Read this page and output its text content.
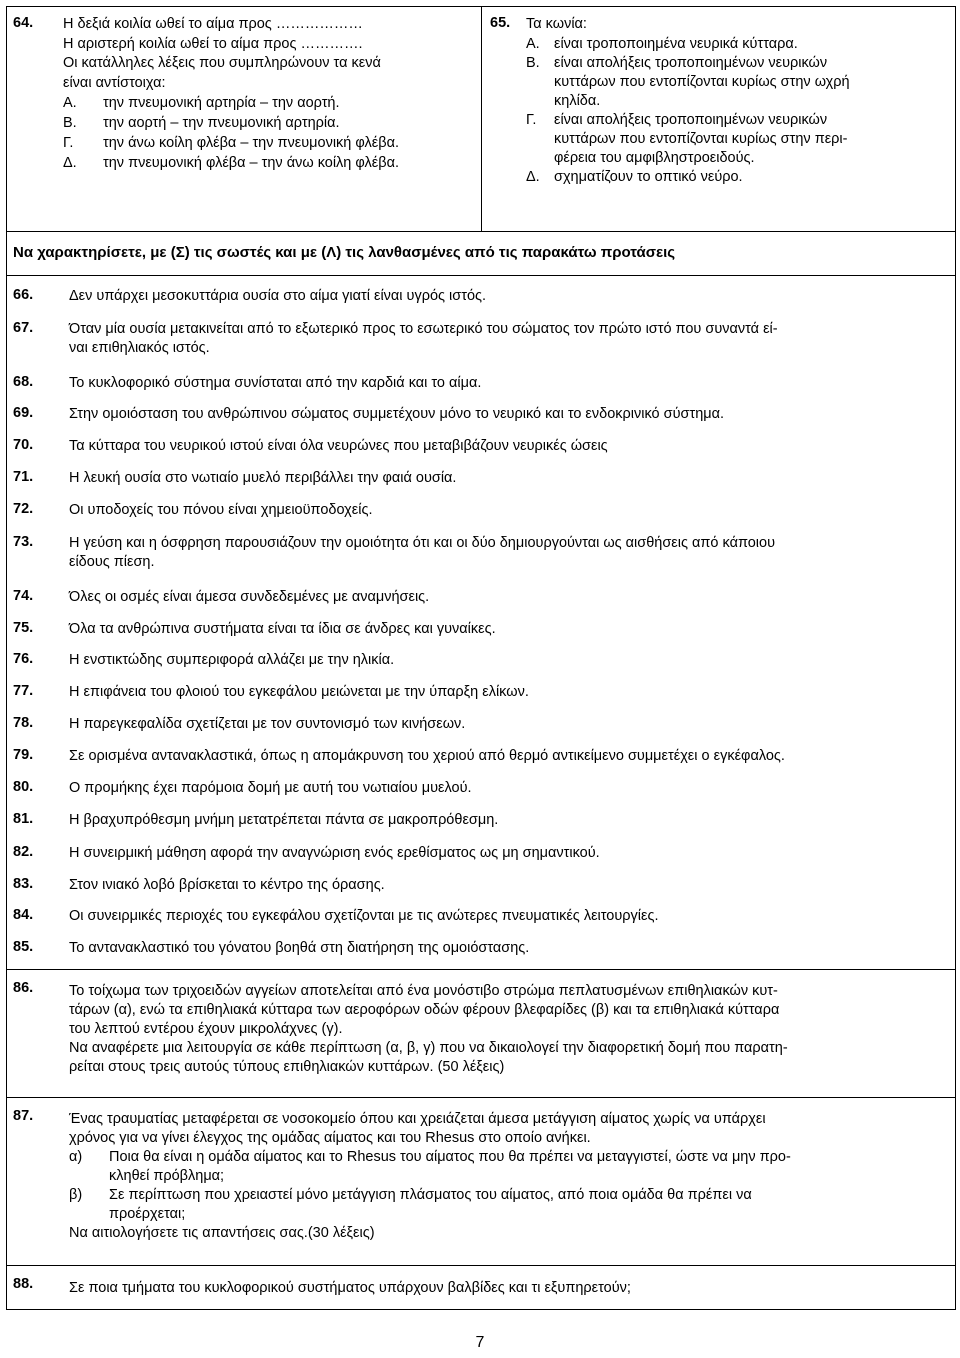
64. Η δεξιά κοιλία ωθεί το αίμα προς ………………
Η αριστερή κοιλία ωθεί το αίμα προς ………….
Οι κατάλληλες λέξεις που συμπληρώνουν τα κενά
είναι αντίστοιχα:
Α. την πνευμονική αρτηρία – την αορτή.
Β. την αορτή – την πνευμονική αρτηρία.
Γ. την άνω κοίλη φλέβα – την πνευμονική φλέβα.
Δ. την πνευμονική φλέβα – την άνω κοίλη φλέβα.
65. Τα κωνία:
Α. είναι τροποποιημένα νευρικά κύτταρα.
Β. είναι απολήξεις τροποποιημένων νευρικών
κυττάρων που εντοπίζονται κυρίως στην ωχρή
κηλίδα.
Γ. είναι απολήξεις τροποποιημένων νευρικών
κυττάρων που εντοπίζονται κυρίως στην περι-
φέρεια του αμφιβληστροειδούς.
Δ. σχηματίζουν το οπτικό νεύρο.
Να χαρακτηρίσετε, με (Σ) τις σωστές και με (Λ) τις λανθασμένες από τις παρακάτω προτάσεις
66. Δεν υπάρχει μεσοκυττάρια ουσία στο αίμα γιατί είναι υγρός ιστός.
67. Όταν μία ουσία μετακινείται από το εξωτερικό προς το εσωτερικό του σώματος τον πρώτο ιστό που συναντά εί-
ναι επιθηλιακός ιστός.
68. Το κυκλοφορικό σύστημα συνίσταται από την καρδιά και το αίμα.
69. Στην ομοιόσταση του ανθρώπινου σώματος συμμετέχουν μόνο το νευρικό και το ενδοκρινικό σύστημα.
70. Τα κύτταρα του νευρικού ιστού είναι όλα νευρώνες που μεταβιβάζουν νευρικές ώσεις
71. Η λευκή ουσία στο νωτιαίο μυελό περιβάλλει την φαιά ουσία.
72. Οι υποδοχείς του πόνου είναι χημειοϋποδοχείς.
73. Η γεύση και η όσφρηση παρουσιάζουν την ομοιότητα ότι και οι δύο δημιουργούνται ως αισθήσεις από κάποιου
είδους πίεση.
74. Όλες οι οσμές είναι άμεσα συνδεδεμένες με αναμνήσεις.
75. Όλα τα ανθρώπινα συστήματα είναι τα ίδια σε άνδρες και γυναίκες.
76. Η ενστικτώδης συμπεριφορά αλλάζει με την ηλικία.
77. Η επιφάνεια του φλοιού του εγκεφάλου μειώνεται με την ύπαρξη ελίκων.
78. Η παρεγκεφαλίδα σχετίζεται με τον συντονισμό των κινήσεων.
79. Σε ορισμένα αντανακλαστικά, όπως η απομάκρυνση του χεριού από θερμό αντικείμενο συμμετέχει ο εγκέφαλος.
80. Ο προμήκης έχει παρόμοια δομή με αυτή του νωτιαίου μυελού.
81. Η βραχυπρόθεσμη μνήμη μετατρέπεται πάντα σε μακροπρόθεσμη.
82. Η συνειρμική μάθηση αφορά την αναγνώριση ενός ερεθίσματος ως μη σημαντικού.
83. Στον ινιακό λοβό βρίσκεται το κέντρο της όρασης.
84. Οι συνειρμικές περιοχές του εγκεφάλου σχετίζονται με τις ανώτερες πνευματικές λειτουργίες.
85. Το αντανακλαστικό του γόνατου βοηθά στη διατήρηση της ομοιόστασης.
86. Το τοίχωμα των τριχοειδών αγγείων αποτελείται από ένα μονόστιβο στρώμα πεπλατυσμένων επιθηλιακών κυτ-
τάρων (α), ενώ τα επιθηλιακά κύτταρα των αεροφόρων οδών φέρουν βλεφαρίδες (β) και τα επιθηλιακά κύτταρα
του λεπτού εντέρου έχουν μικρολάχνες (γ).
Να αναφέρετε μια λειτουργία σε κάθε περίπτωση (α, β, γ) που να δικαιολογεί την διαφορετική δομή που παρατη-
ρείται στους τρεις αυτούς τύπους επιθηλιακών κυττάρων. (50 λέξεις)
87. Ένας τραυματίας μεταφέρεται σε νοσοκομείο όπου και χρειάζεται άμεσα μετάγγιση αίματος χωρίς να υπάρχει
χρόνος για να γίνει έλεγχος της ομάδας αίματος και του Rhesus στο οποίο ανήκει.
α) Ποια θα είναι η ομάδα αίματος και το Rhesus του αίματος που θα πρέπει να μεταγγιστεί, ώστε να μην προ-
κληθεί πρόβλημα;
β) Σε περίπτωση που χρειαστεί μόνο μετάγγιση πλάσματος του αίματος, από ποια ομάδα θα πρέπει να
προέρχεται;
Να αιτιολογήσετε τις απαντήσεις σας.(30 λέξεις)
88. Σε ποια τμήματα του κυκλοφορικού συστήματος υπάρχουν βαλβίδες και τι εξυπηρετούν;
7
